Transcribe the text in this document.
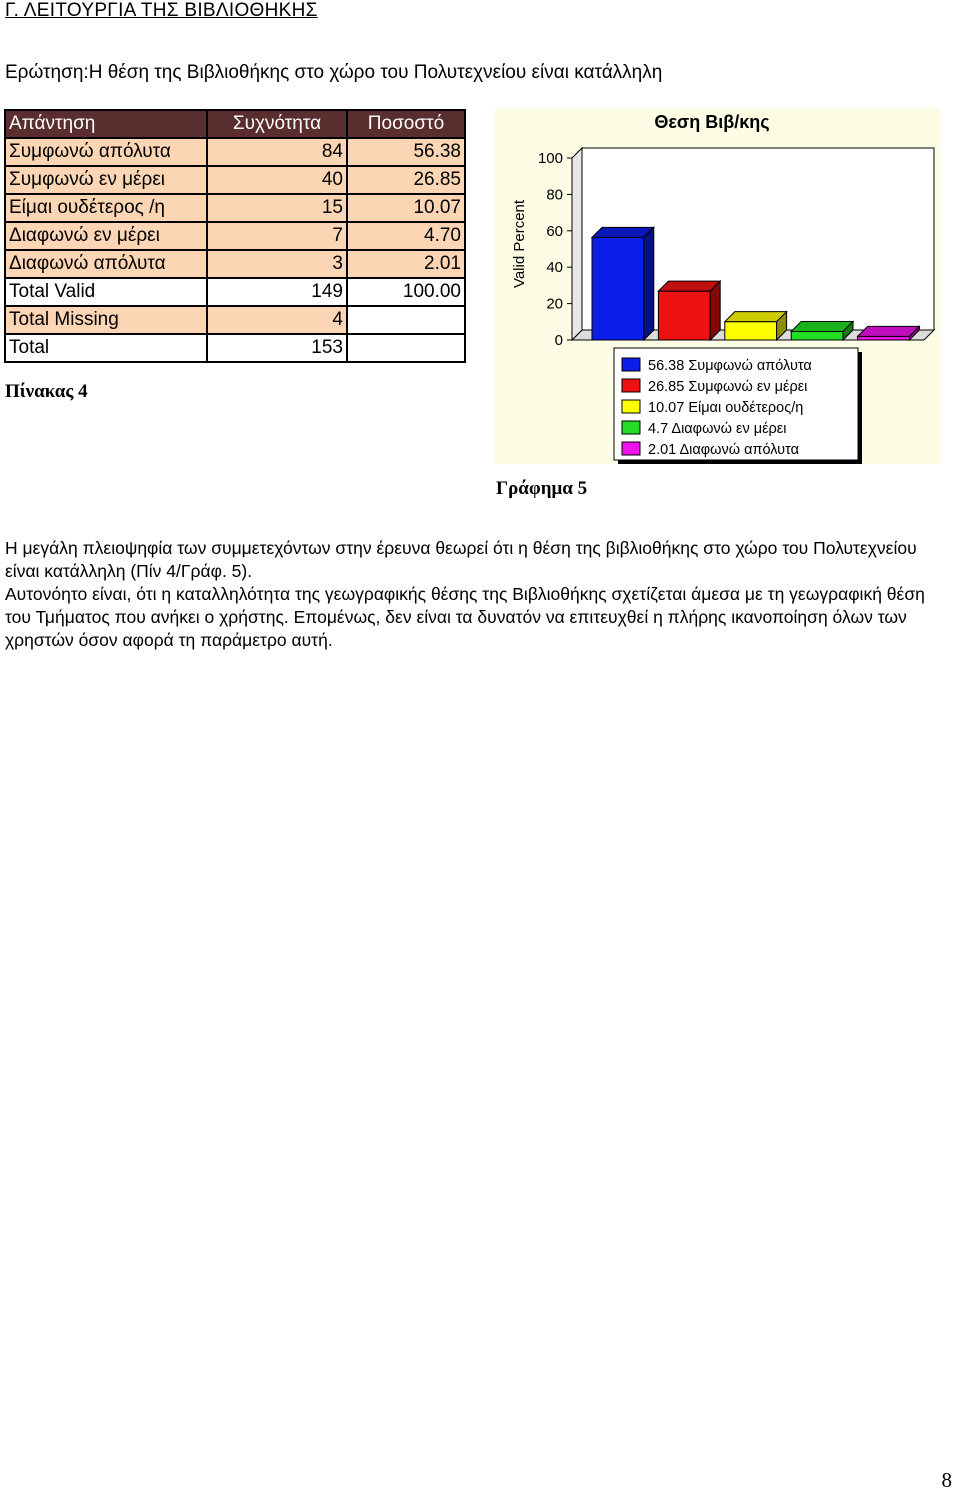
Γ. ΛΕΙΤΟΥΡΓΙΑ ΤΗΣ ΒΙΒΛΙΟΘΗΚΗΣ
Ερώτηση:Η θέση της Βιβλιοθήκης στο χώρο του Πολυτεχνείου είναι κατάλληλη
Απάντηση	Συχνότητα	Ποσοστό
Συμφωνώ απόλυτα	84	56.38
Συμφωνώ εν μέρει	40	26.85
Είμαι ουδέτερος /η	15	10.07
Διαφωνώ εν μέρει	7	4.70
Διαφωνώ απόλυτα	3	2.01
Total Valid	149	100.00
Total Missing	4	
Total	153	
Πίνακας 4
Θεση Βιβ/κης
0
20
40
60
80
100
Valid Percent
56.38 Συμφωνώ απόλυτα
26.85 Συμφωνώ εν μέρει
10.07 Είμαι ουδέτερος/η
4.7 Διαφωνώ εν μέρει
2.01 Διαφωνώ απόλυτα
Γράφημα 5
Η μεγάλη πλειοψηφία των συμμετεχόντων στην έρευνα θεωρεί ότι η θέση της βιβλιοθήκης στο χώρο του Πολυτεχνείου είναι κατάλληλη (Πίν 4/Γράφ. 5).
Αυτονόητο είναι, ότι η καταλληλότητα της γεωγραφικής θέσης της Βιβλιοθήκης σχετίζεται άμεσα με τη γεωγραφική θέση του Τμήματος που ανήκει ο χρήστης. Επομένως, δεν είναι τα δυνατόν να επιτευχθεί η πλήρης ικανοποίηση όλων των χρηστών όσον αφορά τη παράμετρο αυτή.
8
